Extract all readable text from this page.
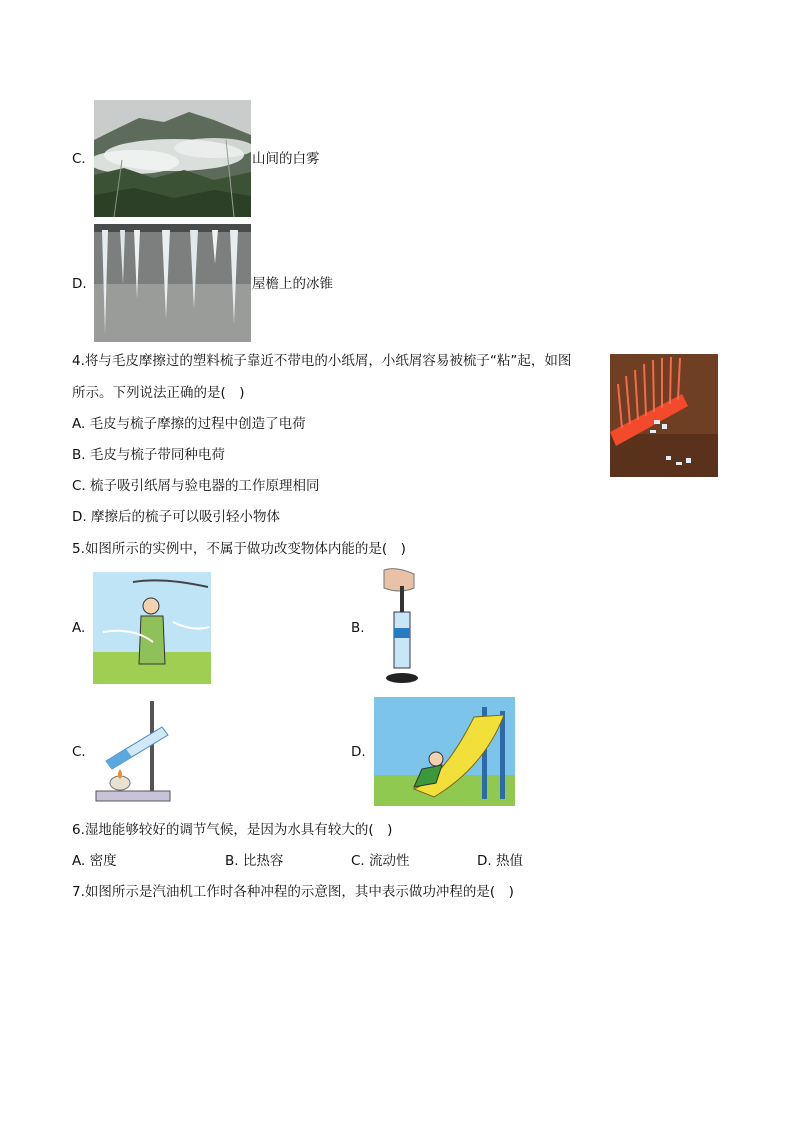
C.	山间的白雾
D.	屋檐上的冰锥
4.将与毛皮摩擦过的塑料梳子靠近不带电的小纸屑，小纸屑容易被梳子“粘”起，如图
所示。下列说法正确的是(　)
A. 毛皮与梳子摩擦的过程中创造了电荷
B. 毛皮与梳子带同种电荷
C. 梳子吸引纸屑与验电器的工作原理相同
D. 摩擦后的梳子可以吸引轻小物体
5.如图所示的实例中，不属于做功改变物体内能的是(　)
A.	B.
C.	D.
6.湿地能够较好的调节气候，是因为水具有较大的(　)
A. 密度	B. 比热容	C. 流动性	D. 热值
7.如图所示是汽油机工作时各种冲程的示意图，其中表示做功冲程的是(　)
